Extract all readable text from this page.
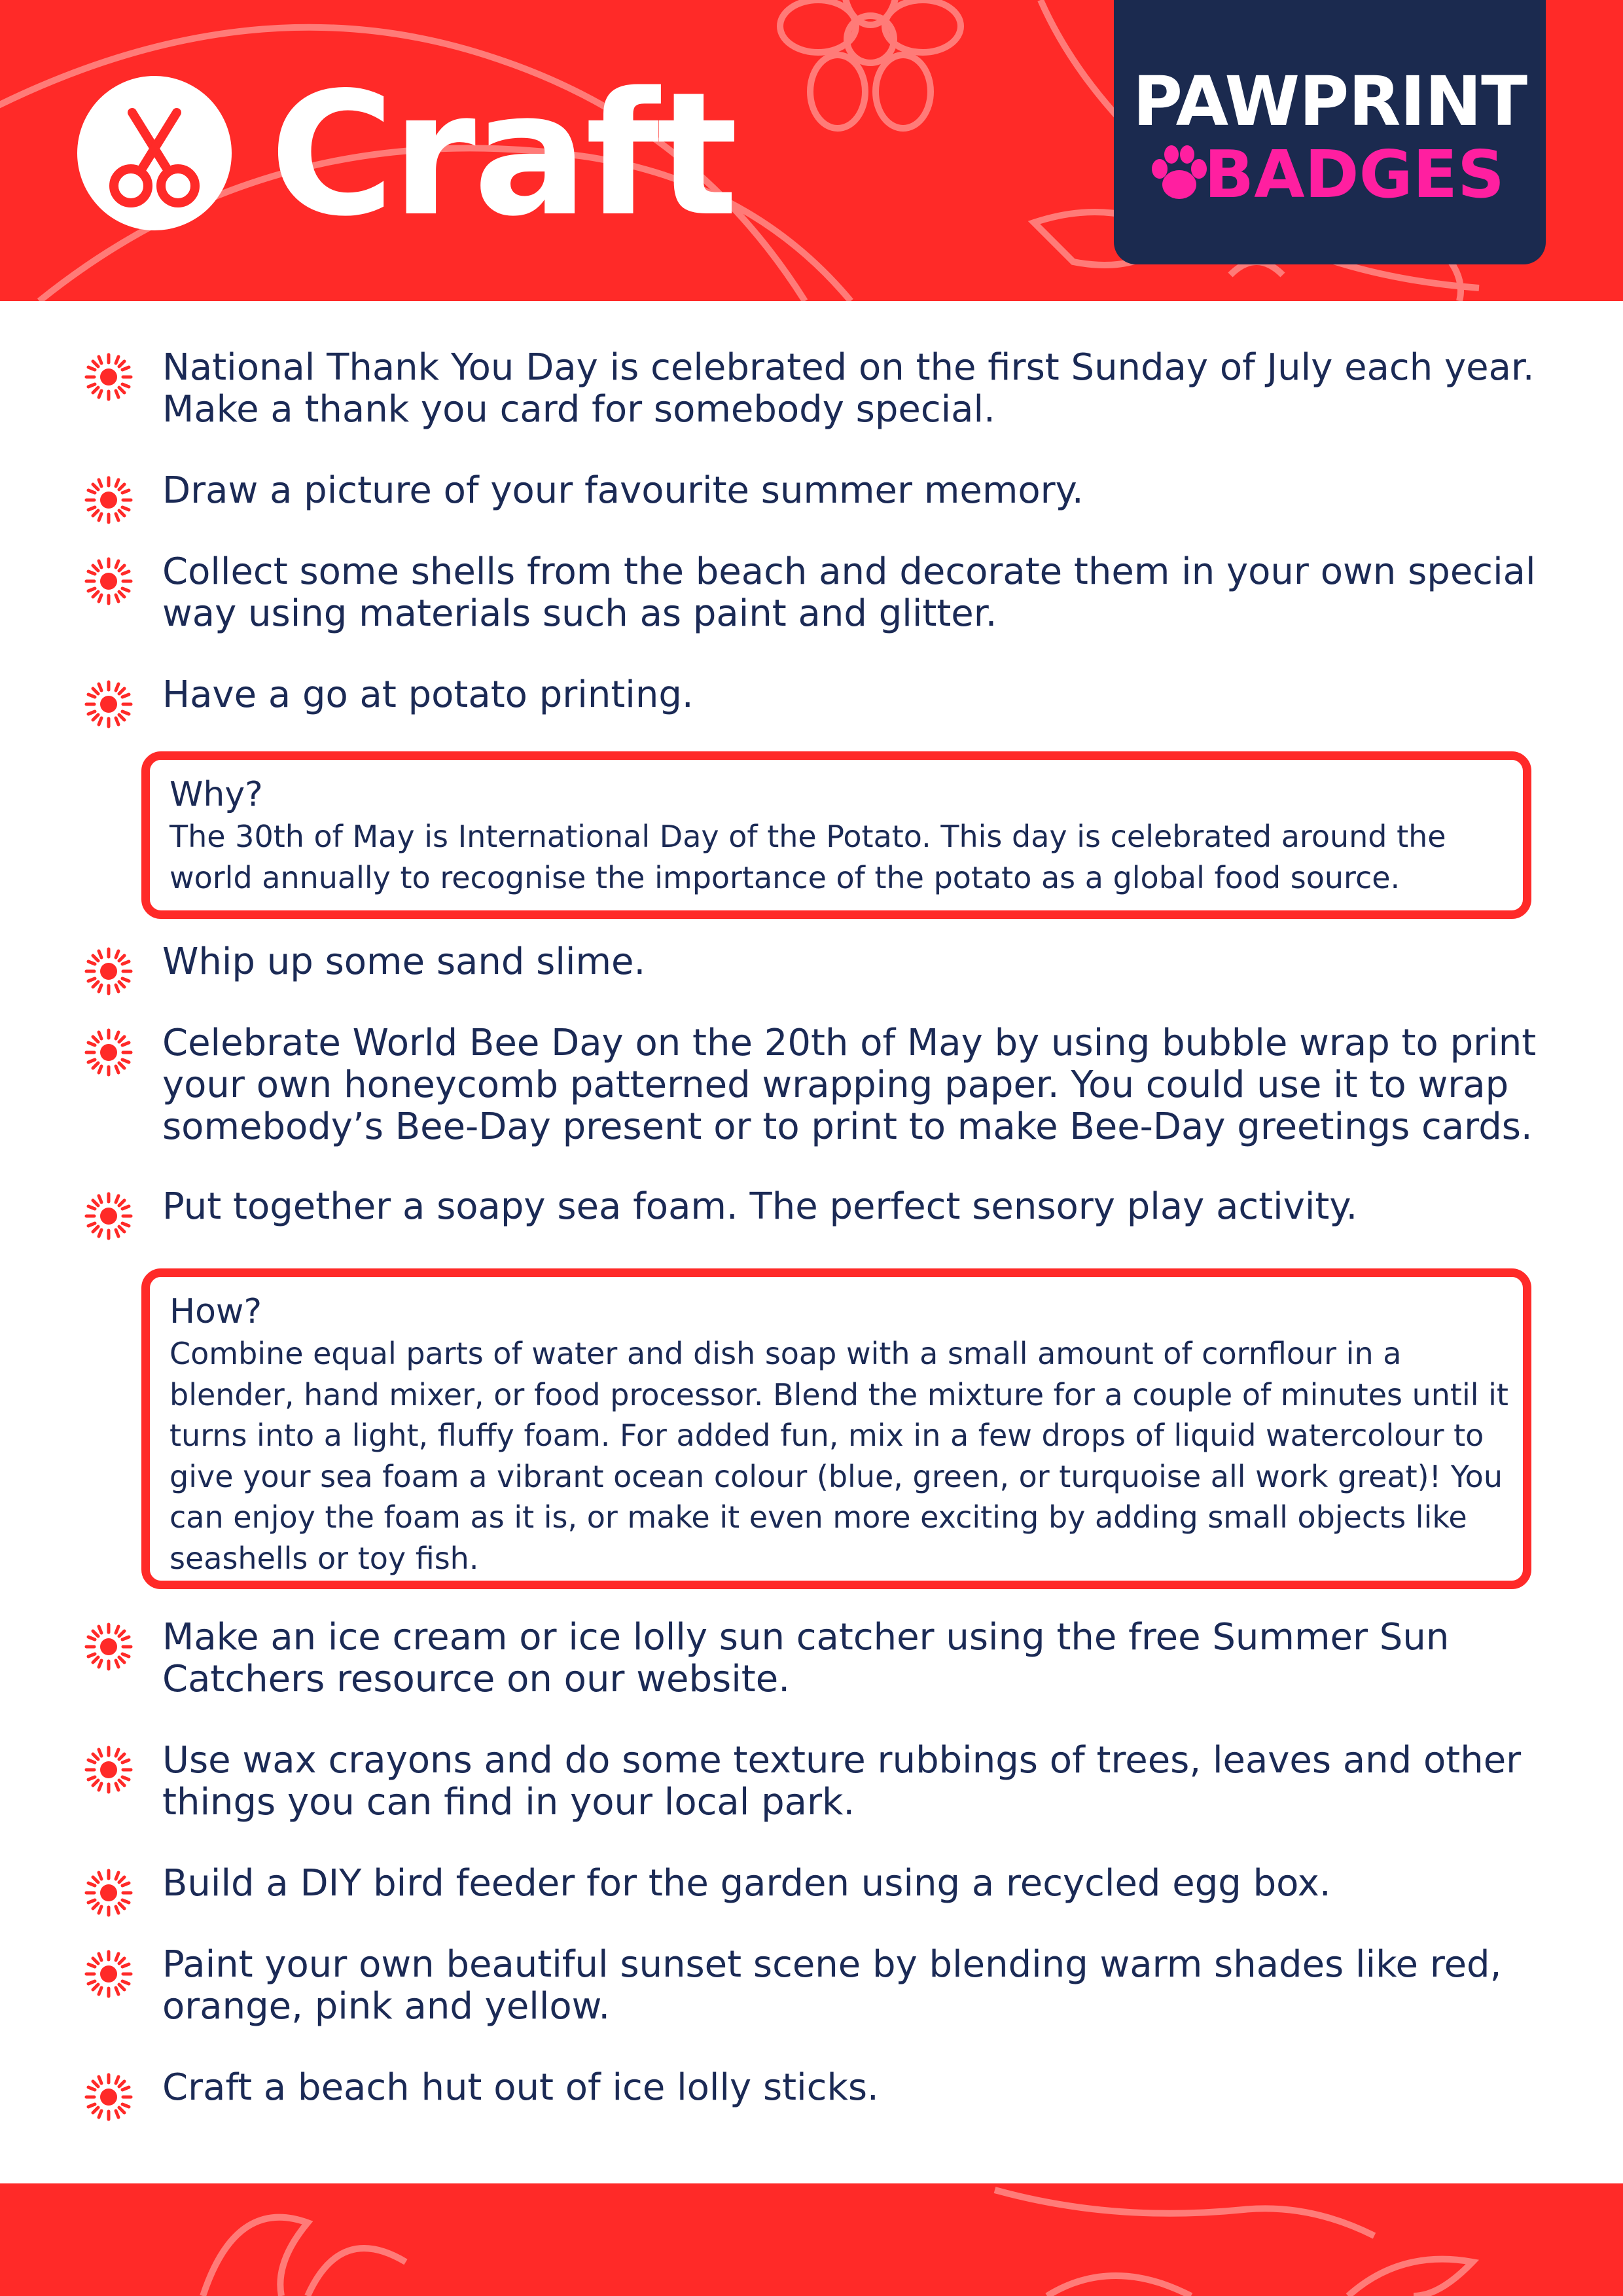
Craft	PAWPRINT
BADGES
National Thank You Day is celebrated on the first Sunday of July each year. Make a thank you card for somebody special.
Draw a picture of your favourite summer memory.
Collect some shells from the beach and decorate them in your own special way using materials such as paint and glitter.
Have a go at potato printing.
Why?
The 30th of May is International Day of the Potato. This day is celebrated around the world annually to recognise the importance of the potato as a global food source.
Whip up some sand slime.
Celebrate World Bee Day on the 20th of May by using bubble wrap to print your own honeycomb patterned wrapping paper. You could use it to wrap somebody’s Bee-Day present or to print to make Bee-Day greetings cards.
Put together a soapy sea foam. The perfect sensory play activity.
How?
Combine equal parts of water and dish soap with a small amount of cornflour in a blender, hand mixer, or food processor. Blend the mixture for a couple of minutes until it turns into a light, fluffy foam. For added fun, mix in a few drops of liquid watercolour to give your sea foam a vibrant ocean colour (blue, green, or turquoise all work great)! You can enjoy the foam as it is, or make it even more exciting by adding small objects like seashells or toy fish.
Make an ice cream or ice lolly sun catcher using the free Summer Sun Catchers resource on our website.
Use wax crayons and do some texture rubbings of trees, leaves and other things you can find in your local park.
Build a DIY bird feeder for the garden using a recycled egg box.
Paint your own beautiful sunset scene by blending warm shades like red, orange, pink and yellow.
Craft a beach hut out of ice lolly sticks.
